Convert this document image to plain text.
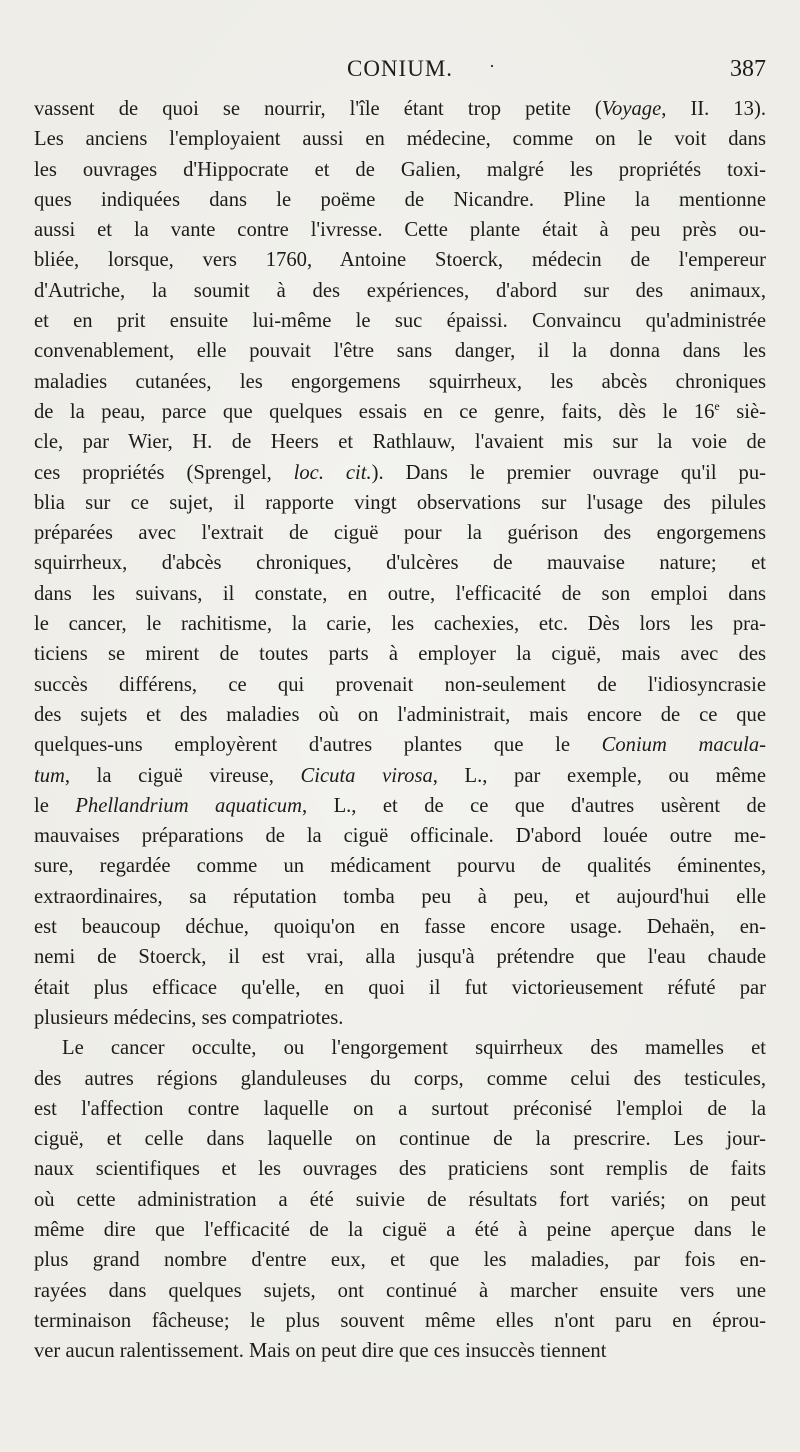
CONIUM.	·	387
vassent de quoi se nourrir, l'île étant trop petite (Voyage, II. 13).
Les anciens l'employaient aussi en médecine, comme on le voit dans
les ouvrages d'Hippocrate et de Galien, malgré les propriétés toxi-
ques indiquées dans le poëme de Nicandre. Pline la mentionne
aussi et la vante contre l'ivresse. Cette plante était à peu près ou-
bliée, lorsque, vers 1760, Antoine Stoerck, médecin de l'empereur
d'Autriche, la soumit à des expériences, d'abord sur des animaux,
et en prit ensuite lui-même le suc épaissi. Convaincu qu'administrée
convenablement, elle pouvait l'être sans danger, il la donna dans les
maladies cutanées, les engorgemens squirrheux, les abcès chroniques
de la peau, parce que quelques essais en ce genre, faits, dès le 16e siè-
cle, par Wier, H. de Heers et Rathlauw, l'avaient mis sur la voie de
ces propriétés (Sprengel, loc. cit.). Dans le premier ouvrage qu'il pu-
blia sur ce sujet, il rapporte vingt observations sur l'usage des pilules
préparées avec l'extrait de ciguë pour la guérison des engorgemens
squirrheux, d'abcès chroniques, d'ulcères de mauvaise nature; et
dans les suivans, il constate, en outre, l'efficacité de son emploi dans
le cancer, le rachitisme, la carie, les cachexies, etc. Dès lors les pra-
ticiens se mirent de toutes parts à employer la ciguë, mais avec des
succès différens, ce qui provenait non-seulement de l'idiosyncrasie
des sujets et des maladies où on l'administrait, mais encore de ce que
quelques-uns employèrent d'autres plantes que le Conium macula-
tum, la ciguë vireuse, Cicuta virosa, L., par exemple, ou même
le Phellandrium aquaticum, L., et de ce que d'autres usèrent de
mauvaises préparations de la ciguë officinale. D'abord louée outre me-
sure, regardée comme un médicament pourvu de qualités éminentes,
extraordinaires, sa réputation tomba peu à peu, et aujourd'hui elle
est beaucoup déchue, quoiqu'on en fasse encore usage. Dehaën, en-
nemi de Stoerck, il est vrai, alla jusqu'à prétendre que l'eau chaude
était plus efficace qu'elle, en quoi il fut victorieusement réfuté par
plusieurs médecins, ses compatriotes.
Le cancer occulte, ou l'engorgement squirrheux des mamelles et
des autres régions glanduleuses du corps, comme celui des testicules,
est l'affection contre laquelle on a surtout préconisé l'emploi de la
ciguë, et celle dans laquelle on continue de la prescrire. Les jour-
naux scientifiques et les ouvrages des praticiens sont remplis de faits
où cette administration a été suivie de résultats fort variés; on peut
même dire que l'efficacité de la ciguë a été à peine aperçue dans le
plus grand nombre d'entre eux, et que les maladies, par fois en-
rayées dans quelques sujets, ont continué à marcher ensuite vers une
terminaison fâcheuse; le plus souvent même elles n'ont paru en éprou-
ver aucun ralentissement. Mais on peut dire que ces insuccès tiennent
